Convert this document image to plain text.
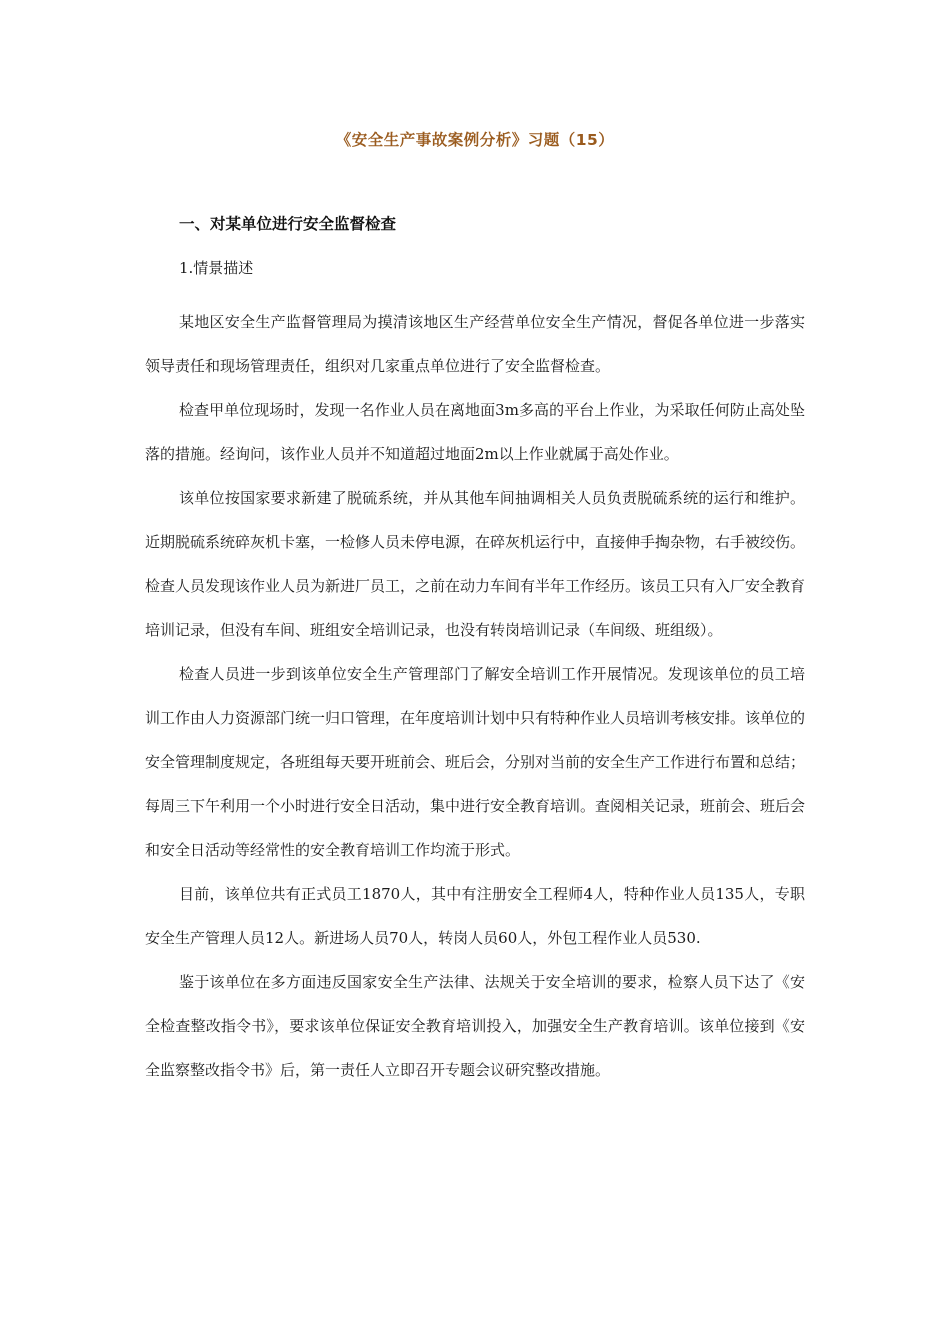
《安全生产事故案例分析》习题（15）
一、对某单位进行安全监督检查
1.情景描述

某地区安全生产监督管理局为摸清该地区生产经营单位安全生产情况，督促各单位进一步落实领导责任和现场管理责任，组织对几家重点单位进行了安全监督检查。

检查甲单位现场时，发现一名作业人员在离地面3m多高的平台上作业，为采取任何防止高处坠落的措施。经询问，该作业人员并不知道超过地面2m以上作业就属于高处作业。

该单位按国家要求新建了脱硫系统，并从其他车间抽调相关人员负责脱硫系统的运行和维护。近期脱硫系统碎灰机卡塞，一检修人员未停电源，在碎灰机运行中，直接伸手掏杂物，右手被绞伤。检查人员发现该作业人员为新进厂员工，之前在动力车间有半年工作经历。该员工只有入厂安全教育培训记录，但没有车间、班组安全培训记录，也没有转岗培训记录（车间级、班组级）。

检查人员进一步到该单位安全生产管理部门了解安全培训工作开展情况。发现该单位的员工培训工作由人力资源部门统一归口管理，在年度培训计划中只有特种作业人员培训考核安排。该单位的安全管理制度规定，各班组每天要开班前会、班后会，分别对当前的安全生产工作进行布置和总结；每周三下午利用一个小时进行安全日活动，集中进行安全教育培训。查阅相关记录，班前会、班后会和安全日活动等经常性的安全教育培训工作均流于形式。

目前，该单位共有正式员工1870人，其中有注册安全工程师4人，特种作业人员135人，专职安全生产管理人员12人。新进场人员70人，转岗人员60人，外包工程作业人员530.

鉴于该单位在多方面违反国家安全生产法律、法规关于安全培训的要求，检察人员下达了《安全检查整改指令书》，要求该单位保证安全教育培训投入，加强安全生产教育培训。该单位接到《安全监察整改指令书》后，第一责任人立即召开专题会议研究整改措施。
